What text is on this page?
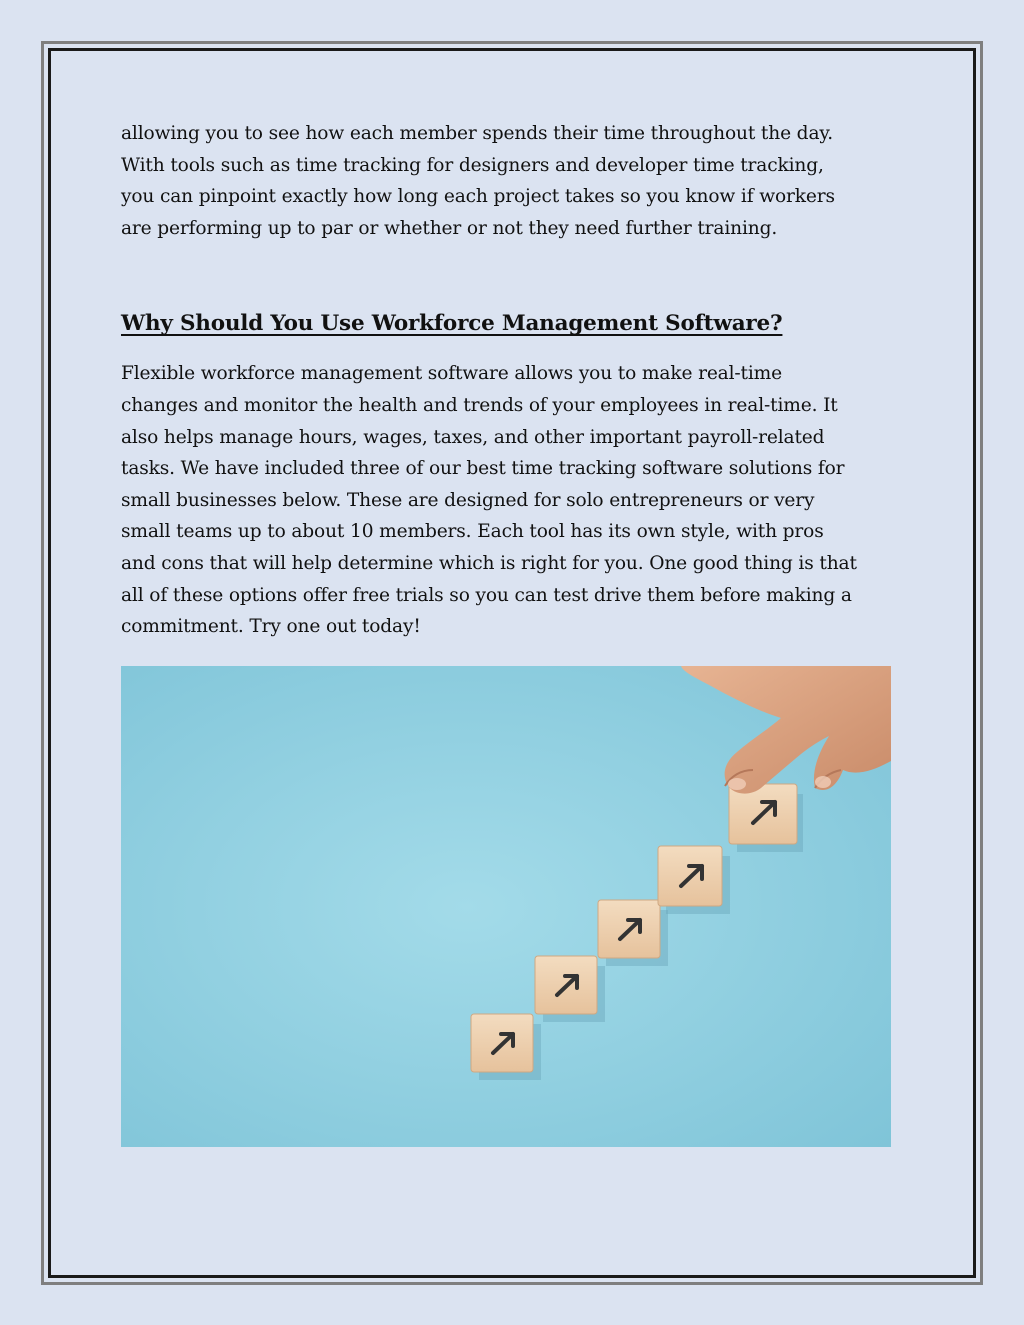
allowing you to see how each member spends their time throughout the day.
With tools such as time tracking for designers and developer time tracking,
you can pinpoint exactly how long each project takes so you know if workers
are performing up to par or whether or not they need further training.

Why Should You Use Workforce Management Software?

Flexible workforce management software allows you to make real-time
changes and monitor the health and trends of your employees in real-time. It
also helps manage hours, wages, taxes, and other important payroll-related
tasks. We have included three of our best time tracking software solutions for
small businesses below. These are designed for solo entrepreneurs or very
small teams up to about 10 members. Each tool has its own style, with pros
and cons that will help determine which is right for you. One good thing is that
all of these options offer free trials so you can test drive them before making a
commitment. Try one out today!
